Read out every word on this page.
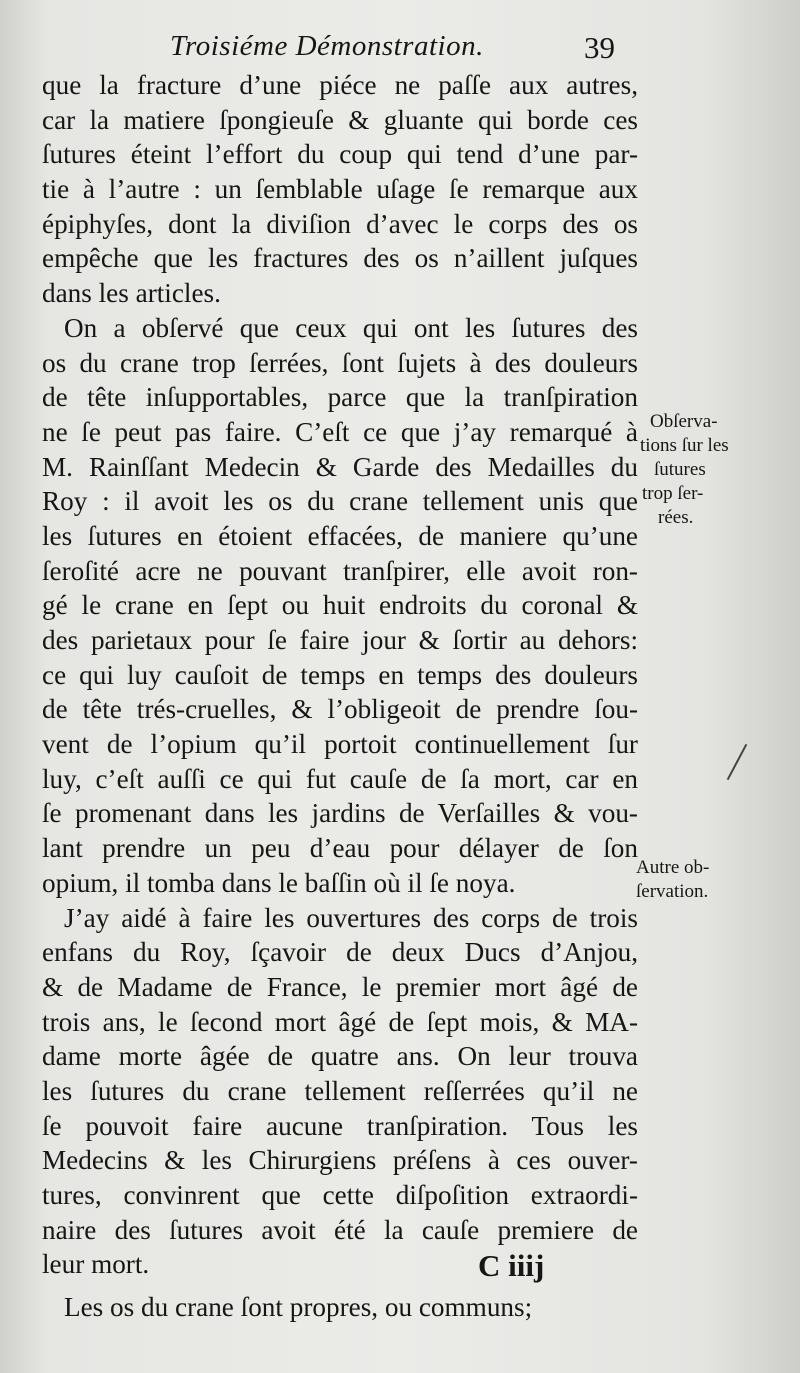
Troisiéme Démonstration.	39
que la fracture d’une piéce ne paſſe aux autres,
car la matiere ſpongieuſe & gluante qui borde ces
ſutures éteint l’effort du coup qui tend d’une par-
tie à l’autre : un ſemblable uſage ſe remarque aux
épiphyſes, dont la diviſion d’avec le corps des os
empêche que les fractures des os n’aillent juſques
dans les articles.
On a obſervé que ceux qui ont les ſutures des
os du crane trop ſerrées, ſont ſujets à des douleurs
de tête inſupportables, parce que la tranſpiration
ne ſe peut pas faire. C’eſt ce que j’ay remarqué à
M. Rainſſant Medecin & Garde des Medailles du
Roy : il avoit les os du crane tellement unis que
les ſutures en étoient effacées, de maniere qu’une
ſeroſité acre ne pouvant tranſpirer, elle avoit ron-
gé le crane en ſept ou huit endroits du coronal &
des parietaux pour ſe faire jour & ſortir au dehors:
ce qui luy cauſoit de temps en temps des douleurs
de tête trés-cruelles, & l’obligeoit de prendre ſou-
vent de l’opium qu’il portoit continuellement ſur
luy, c’eſt auſſi ce qui fut cauſe de ſa mort, car en
ſe promenant dans les jardins de Verſailles & vou-
lant prendre un peu d’eau pour délayer de ſon
opium, il tomba dans le baſſin où il ſe noya.
J’ay aidé à faire les ouvertures des corps de trois
enfans du Roy, ſçavoir de deux Ducs d’Anjou,
& de Madame de France, le premier mort âgé de
trois ans, le ſecond mort âgé de ſept mois, & MA-
dame morte âgée de quatre ans. On leur trouva
les ſutures du crane tellement reſſerrées qu’il ne
ſe pouvoit faire aucune tranſpiration. Tous les
Medecins & les Chirurgiens préſens à ces ouver-
tures, convinrent que cette diſpoſition extraordi-
naire des ſutures avoit été la cauſe premiere de
leur mort.
Les os du crane ſont propres, ou communs;
Obſerva-
tions ſur les
ſutures
trop ſer-
rées.
Autre ob-
ſervation.
C iiij
